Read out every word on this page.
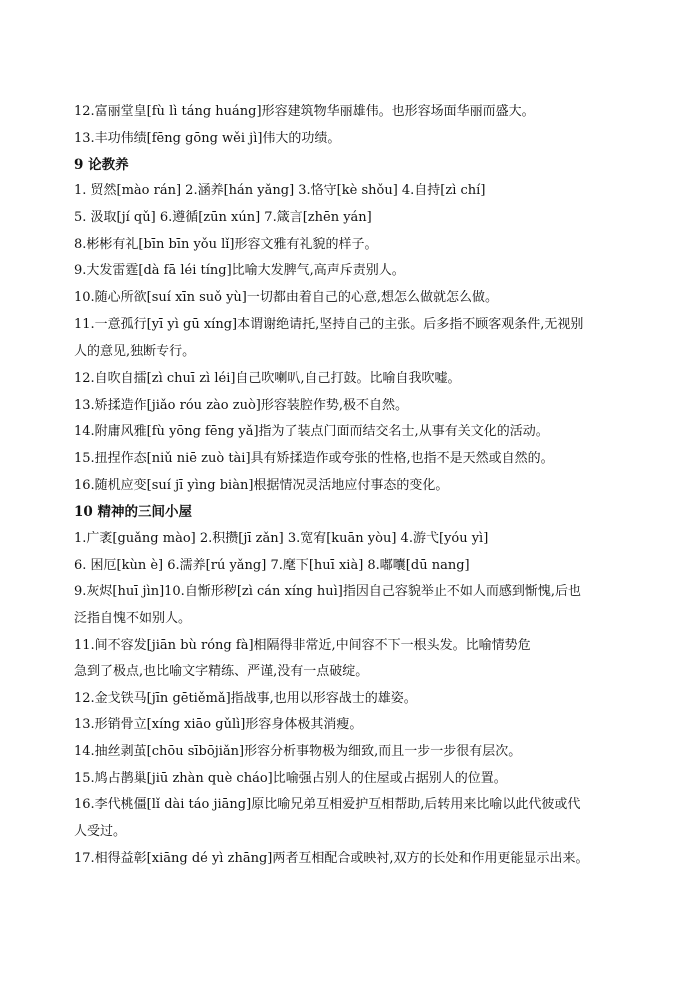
12.富丽堂皇[fù lì táng huáng]形容建筑物华丽雄伟。也形容场面华丽而盛大。
13.丰功伟绩[fēng gōng wěi jì]伟大的功绩。
9 论教养
1. 贸然[mào rán] 2.涵养[hán yǎng] 3.恪守[kè shǒu] 4.自持[zì chí]
5. 汲取[jí qǔ] 6.遵循[zūn xún] 7.箴言[zhēn yán]
8.彬彬有礼[bīn bīn yǒu lǐ]形容文雅有礼貌的样子。
9.大发雷霆[dà fā léi tíng]比喻大发脾气,高声斥责别人。
10.随心所欲[suí xīn suǒ yù]一切都由着自己的心意,想怎么做就怎么做。
11.一意孤行[yī yì gū xíng]本谓谢绝请托,坚持自己的主张。后多指不顾客观条件,无视别
人的意见,独断专行。
12.自吹自擂[zì chuī zì léi]自己吹喇叭,自己打鼓。比喻自我吹嘘。
13.矫揉造作[jiǎo róu zào zuò]形容装腔作势,极不自然。
14.附庸风雅[fù yōng fēng yǎ]指为了装点门面而结交名士,从事有关文化的活动。
15.扭捏作态[niǔ niē zuò tài]具有矫揉造作或夸张的性格,也指不是天然或自然的。
16.随机应变[suí jī yìng biàn]根据情况灵活地应付事态的变化。
10 精神的三间小屋
1.广袤[guǎng mào] 2.积攒[jī zǎn] 3.宽宥[kuān yòu] 4.游弋[yóu yì]
6. 困厄[kùn è] 6.濡养[rú yǎng] 7.麾下[huī xià] 8.嘟囔[dū nang]
9.灰烬[huī jìn]10.自惭形秽[zì cán xíng huì]指因自己容貌举止不如人而感到惭愧,后也
泛指自愧不如别人。
11.间不容发[jiān bù róng fà]相隔得非常近,中间容不下一根头发。比喻情势危
急到了极点,也比喻文字精练、严谨,没有一点破绽。
12.金戈铁马[jīn gētiěmǎ]指战事,也用以形容战士的雄姿。
13.形销骨立[xíng xiāo gǔlì]形容身体极其消瘦。
14.抽丝剥茧[chōu sībōjiǎn]形容分析事物极为细致,而且一步一步很有层次。
15.鸠占鹊巢[jiū zhàn què cháo]比喻强占别人的住屋或占据别人的位置。
16.李代桃僵[lǐ dài táo jiāng]原比喻兄弟互相爱护互相帮助,后转用来比喻以此代彼或代
人受过。
17.相得益彰[xiāng dé yì zhāng]两者互相配合或映衬,双方的长处和作用更能显示出来。
